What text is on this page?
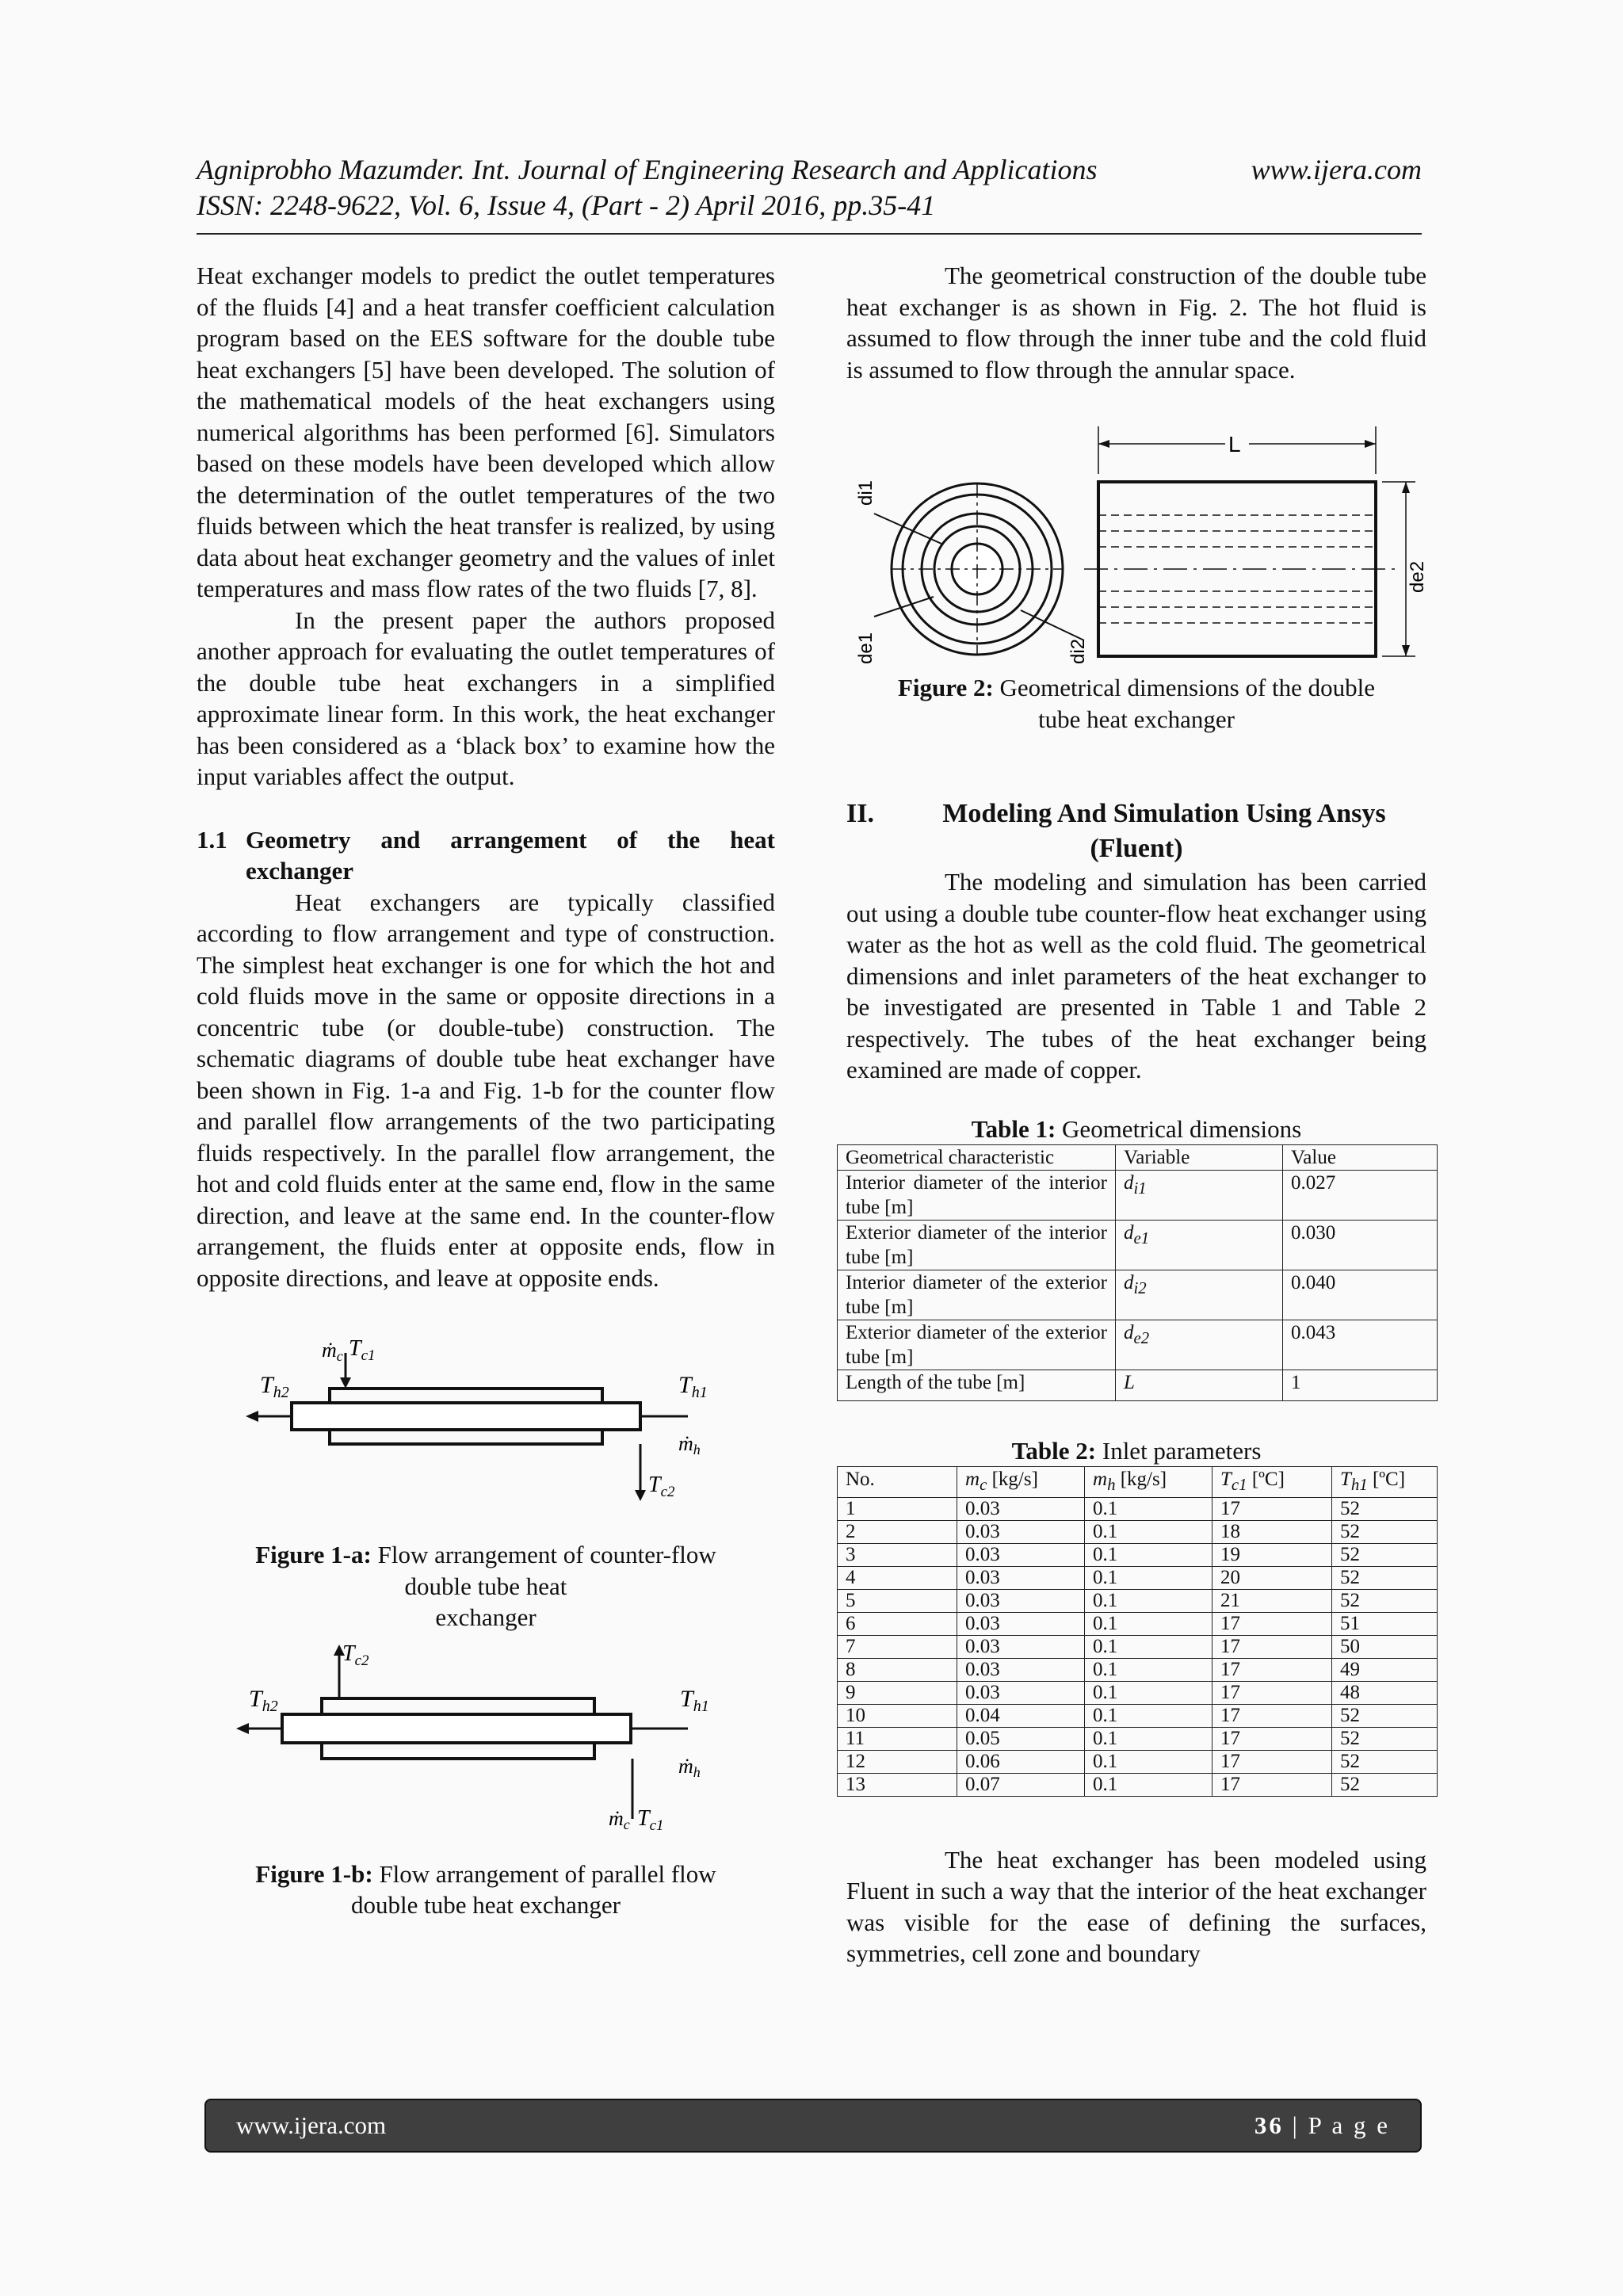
Agniprobho Mazumder. Int. Journal of Engineering Research and Applications	www.ijera.com
ISSN: 2248-9622, Vol. 6, Issue 4, (Part - 2) April 2016, pp.35-41

Heat exchanger models to predict the outlet temperatures of the fluids [4] and a heat transfer coefficient calculation program based on the EES software for the double tube heat exchangers [5] have been developed. The solution of the mathematical models of the heat exchangers using numerical algorithms has been performed [6]. Simulators based on these models have been developed which allow the determination of the outlet temperatures of the two fluids between which the heat transfer is realized, by using data about heat exchanger geometry and the values of inlet temperatures and mass flow rates of the two fluids [7, 8].

In the present paper the authors proposed another approach for evaluating the outlet temperatures of the double tube heat exchangers in a simplified approximate linear form. In this work, the heat exchanger has been considered as a ‘black box’ to examine how the input variables affect the output.

1.1 Geometry and arrangement of the heat
exchanger

Heat exchangers are typically classified according to flow arrangement and type of construction. The simplest heat exchanger is one for which the hot and cold fluids move in the same or opposite directions in a concentric tube (or double-tube) construction. The schematic diagrams of double tube heat exchanger have been shown in Fig. 1-a and Fig. 1-b for the counter flow and parallel flow arrangements of the two participating fluids respectively. In the parallel flow arrangement, the hot and cold fluids enter at the same end, flow in the same direction, and leave at the same end. In the counter-flow arrangement, the fluids enter at opposite ends, flow in opposite directions, and leave at opposite ends.

$T_{h2}$	$T_{h1}$
ṁc $T_{c1}$
ṁh
$T_{c2}$
Figure 1-a: Flow arrangement of counter-flow
double tube heat
exchanger
$T_{c2}$
$T_{h2}$	$T_{h1}$
ṁh
ṁc $T_{c1}$
Figure 1-b: Flow arrangement of parallel flow
double tube heat exchanger

The geometrical construction of the double tube heat exchanger is as shown in Fig. 2. The hot fluid is assumed to flow through the inner tube and the cold fluid is assumed to flow through the annular space.

L
di1
de1	di2
de2
Figure 2: Geometrical dimensions of the double
tube heat exchanger

II.	Modeling And Simulation Using Ansys

(Fluent)

The modeling and simulation has been carried out using a double tube counter-flow heat exchanger using water as the hot as well as the cold fluid. The geometrical dimensions and inlet parameters of the heat exchanger to be investigated are presented in Table 1 and Table 2 respectively. The tubes of the heat exchanger being examined are made of copper.

Table 1: Geometrical dimensions

Geometrical characteristic	Variable	Value
Interior diameter of the interior tube [m]	$d_{i1}$	0.027
Exterior diameter of the interior tube [m]	$d_{e1}$	0.030
Interior diameter of the exterior tube [m]	$d_{i2}$	0.040
Exterior diameter of the exterior tube [m]	$d_{e2}$	0.043
Length of the tube [m]	L	1

Table 2: Inlet parameters

No.	$m_c$ [kg/s]	$m_h$ [kg/s]	$T_{c1}$ [ºC]	$T_{h1}$ [ºC]
1	0.03	0.1	17	52
2	0.03	0.1	18	52
3	0.03	0.1	19	52
4	0.03	0.1	20	52
5	0.03	0.1	21	52
6	0.03	0.1	17	51
7	0.03	0.1	17	50
8	0.03	0.1	17	49
9	0.03	0.1	17	48
10	0.04	0.1	17	52
11	0.05	0.1	17	52
12	0.06	0.1	17	52
13	0.07	0.1	17	52

The heat exchanger has been modeled using Fluent in such a way that the interior of the heat exchanger was visible for the ease of defining the surfaces, symmetries, cell zone and boundary

www.ijera.com	36 | P a g e
